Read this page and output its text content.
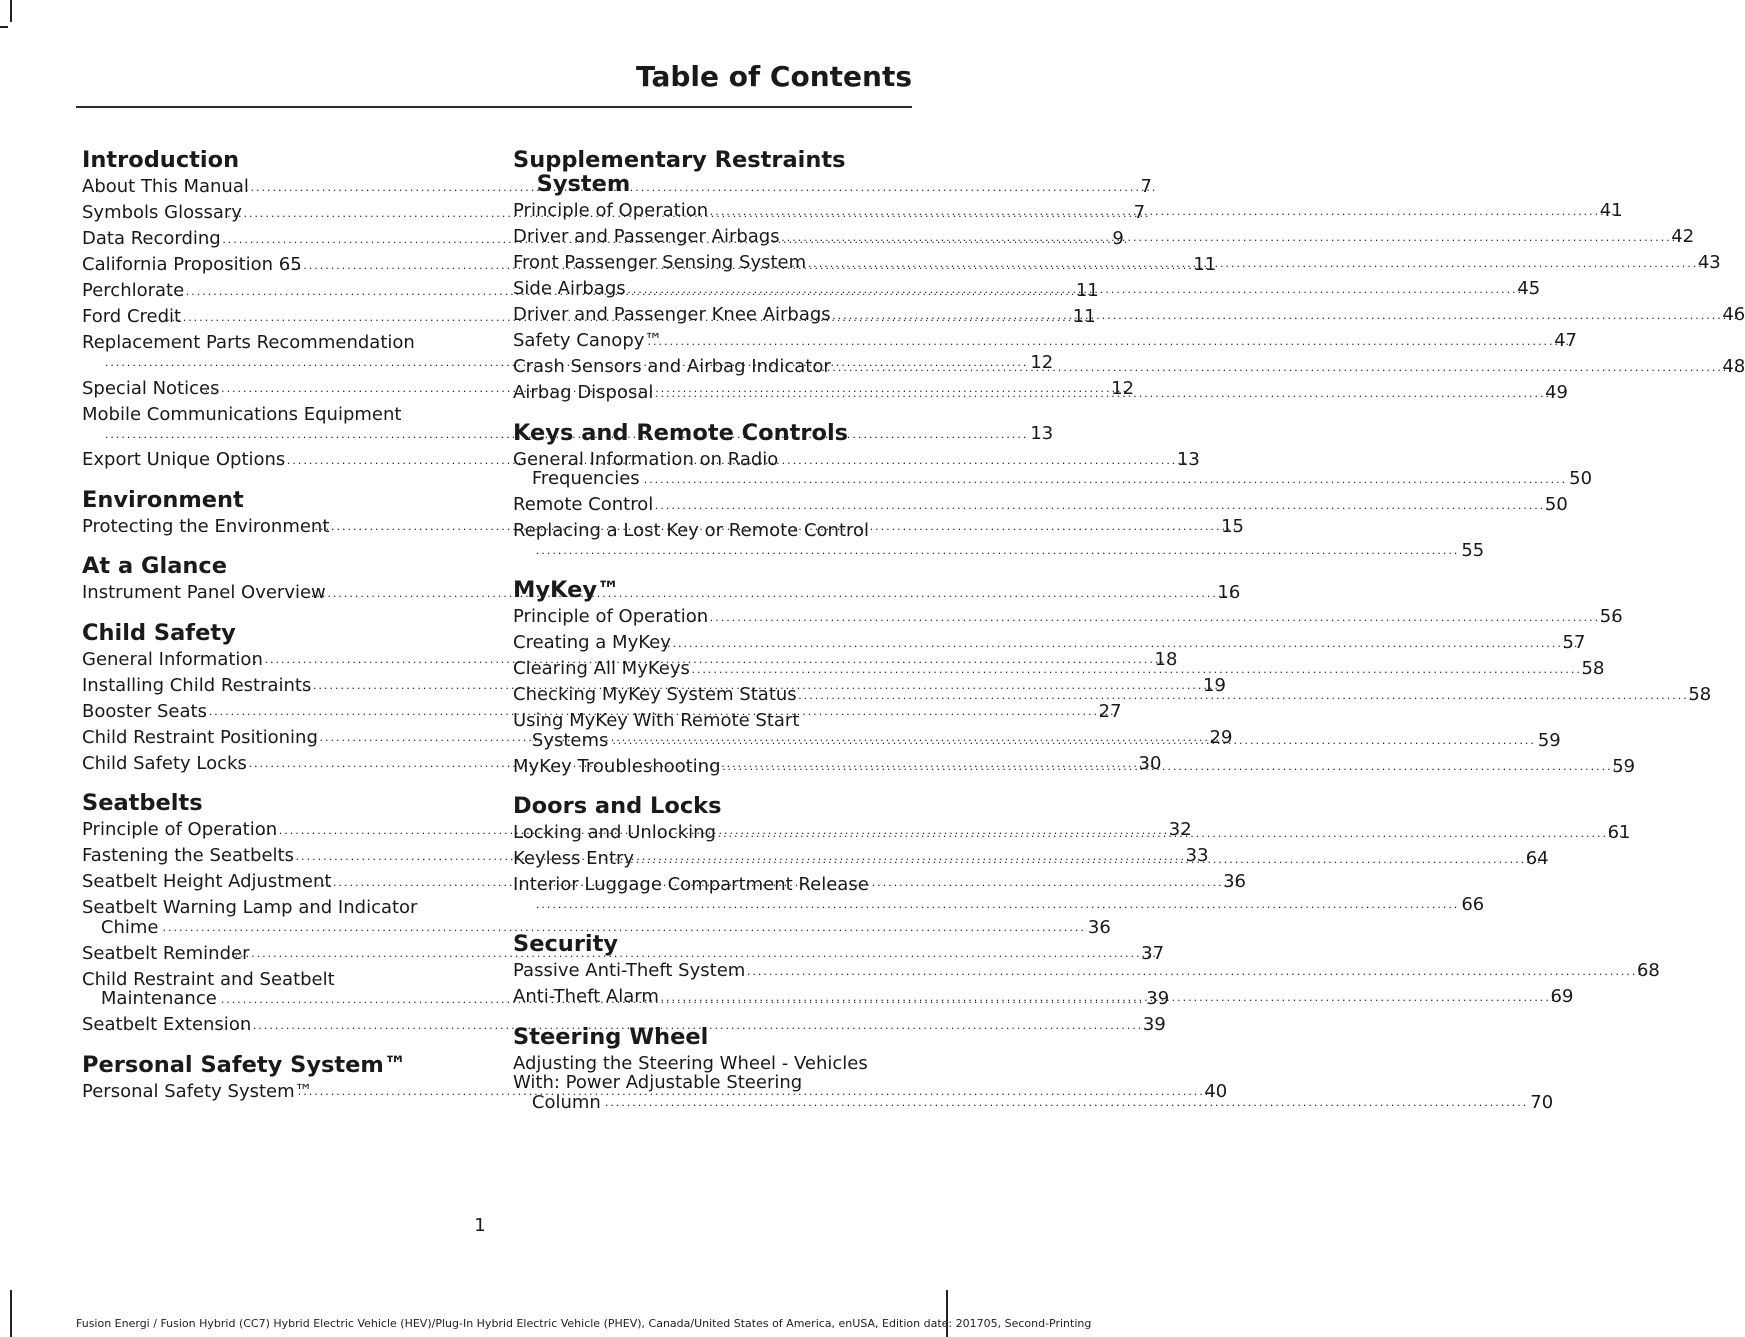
Table of Contents
Introduction
About This Manual .....	7
Symbols Glossary .....	7
Data Recording .....	9
California Proposition 65 .....	11
Perchlorate .....	11
Ford Credit .....	11
Replacement Parts Recommendation
.....
12
Special Notices .....	12
Mobile Communications Equipment
.....
13
Export Unique Options .....	13
Environment
Protecting the Environment .....	15
At a Glance
Instrument Panel Overview .....	16
Child Safety
General Information .....	18
Installing Child Restraints .....	19
Booster Seats .....	27
Child Restraint Positioning .....	29
Child Safety Locks .....	30
Seatbelts
Principle of Operation .....	32
Fastening the Seatbelts .....	33
Seatbelt Height Adjustment .....	36
Seatbelt Warning Lamp and Indicator
Chime .....	36
Seatbelt Reminder .....	37
Child Restraint and Seatbelt
Maintenance .....	39
Seatbelt Extension .....	39
Personal Safety System™
Personal Safety System™ .....	40
Supplementary Restraints System
Principle of Operation .....	41
Driver and Passenger Airbags .....	42
Front Passenger Sensing System .....	43
Side Airbags .....	45
Driver and Passenger Knee Airbags .....	46
Safety Canopy™ .....	47
Crash Sensors and Airbag Indicator .....	48
Airbag Disposal .....	49
Keys and Remote Controls
General Information on Radio
Frequencies .....	50
Remote Control .....	50
Replacing a Lost Key or Remote Control
.....
55
MyKey™
Principle of Operation .....	56
Creating a MyKey .....	57
Clearing All MyKeys .....	58
Checking MyKey System Status .....	58
Using MyKey With Remote Start
Systems .....	59
MyKey Troubleshooting .....	59
Doors and Locks
Locking and Unlocking .....	61
Keyless Entry .....	64
Interior Luggage Compartment Release
.....
66
Security
Passive Anti-Theft System .....	68
Anti-Theft Alarm .....	69
Steering Wheel
Adjusting the Steering Wheel - Vehicles
With: Power Adjustable Steering
Column .....	70
1
Fusion Energi / Fusion Hybrid (CC7) Hybrid Electric Vehicle (HEV)/Plug-In Hybrid Electric Vehicle (PHEV), Canada/United States of America, enUSA, Edition date: 201705, Second-Printing
